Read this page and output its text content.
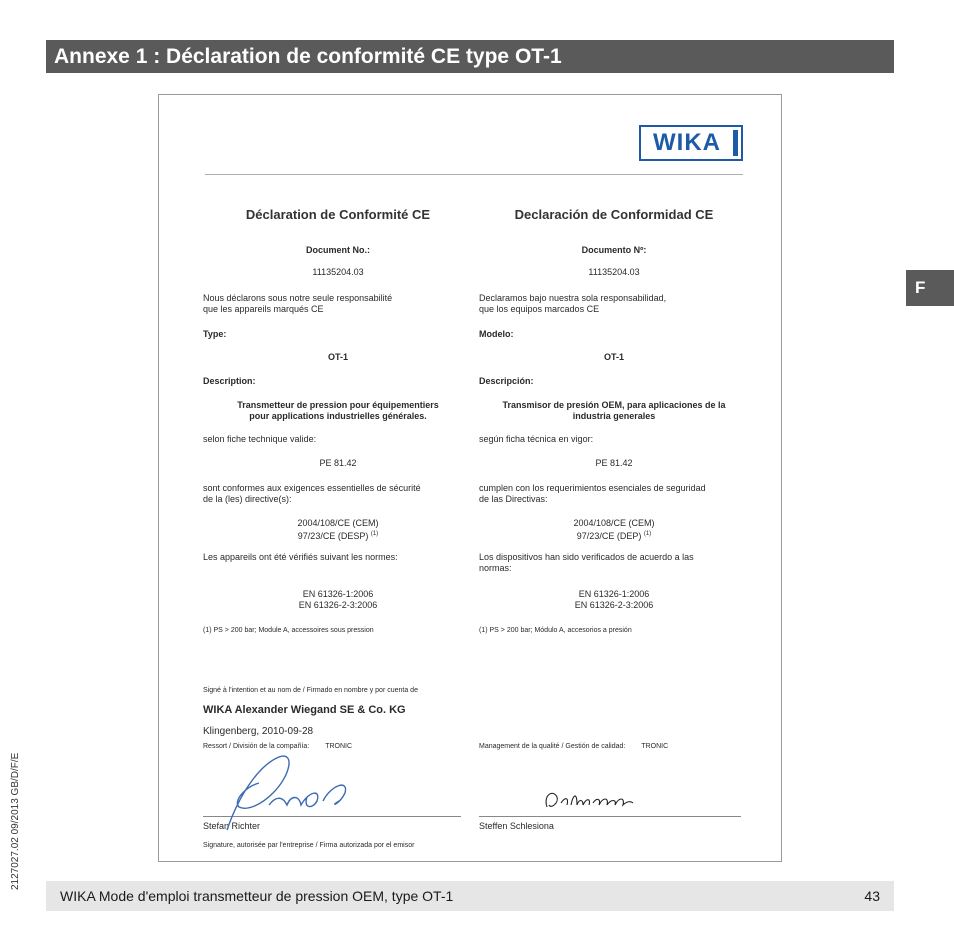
Annexe 1 : Déclaration de conformité CE type OT-1
F
2127027.02 09/2013 GB/D/F/E
WIKA
Déclaration de Conformité CE
Document No.:
11135204.03
Nous déclarons sous notre seule responsabilité
que les appareils marqués CE
Type:
OT-1
Description:
Transmetteur de pression pour équipementiers
pour applications industrielles générales.
selon fiche technique valide:
PE 81.42
sont conformes aux exigences essentielles de sécurité
de la (les) directive(s):
2004/108/CE (CEM)
97/23/CE (DESP) $^{(1)}$
Les appareils ont été vérifiés suivant les normes:
EN 61326-1:2006
EN 61326-2-3:2006
(1) PS > 200 bar; Module A, accessoires sous pression
Declaración de Conformidad CE
Documento Nº:
11135204.03
Declaramos bajo nuestra sola responsabilidad,
que los equipos marcados CE
Modelo:
OT-1
Descripción:
Transmisor de presión OEM, para aplicaciones de la
industria generales
según ficha técnica en vigor:
PE 81.42
cumplen con los requerimientos esenciales de seguridad
de las Directivas:
2004/108/CE (CEM)
97/23/CE (DEP) $^{(1)}$
Los dispositivos han sido verificados de acuerdo a las
normas:
EN 61326-1:2006
EN 61326-2-3:2006
(1) PS > 200 bar; Módulo A, accesorios a presión
Signé à l'intention et au nom de / Firmado en nombre y por cuenta de
WIKA Alexander Wiegand SE & Co. KG
Klingenberg, 2010-09-28
Ressort / División de la compañía: TRONIC
Stefan Richter
Signature, autorisée par l'entreprise / Firma autorizada por el emisor
Management de la qualité / Gestión de calidad: TRONIC
Steffen Schlesiona
WIKA Mode d'emploi transmetteur de pression OEM, type OT-1	43
